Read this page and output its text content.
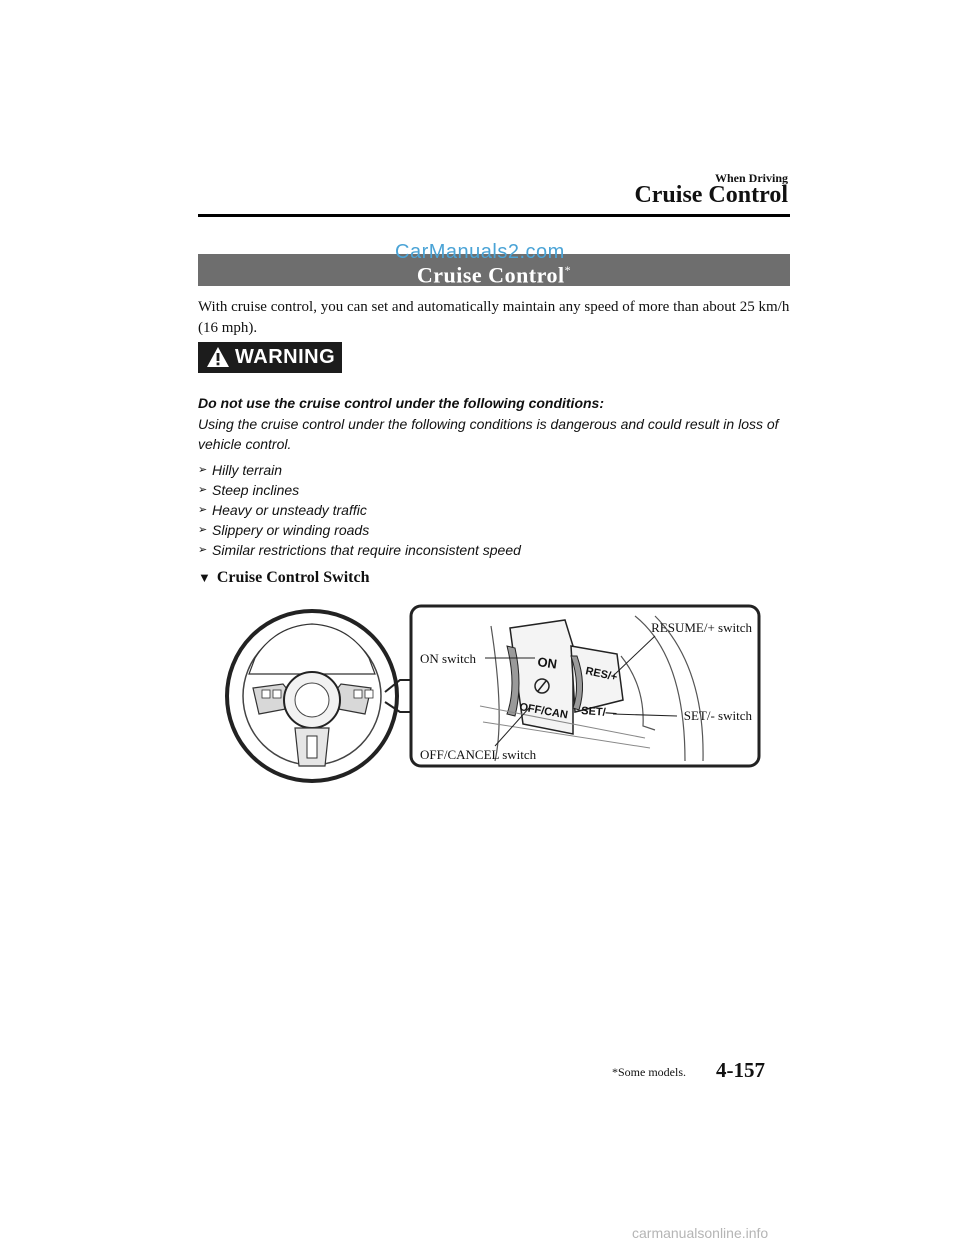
When Driving
Cruise Control
Cruise Control*
CarManuals2.com
With cruise control, you can set and automatically maintain any speed of more than about 25 km/h (16 mph).
WARNING
Do not use the cruise control under the following conditions:
Using the cruise control under the following conditions is dangerous and could result in loss of vehicle control.
➢ Hilly terrain
➢ Steep inclines
➢ Heavy or unsteady traffic
➢ Slippery or winding roads
➢ Similar restrictions that require inconsistent speed
▼ Cruise Control Switch
ON
OFF/CAN
RES/+
SET/—
ON switch
RESUME/+ switch
SET/- switch
OFF/CANCEL switch
*Some models. 4-157
carmanualsonline.info
